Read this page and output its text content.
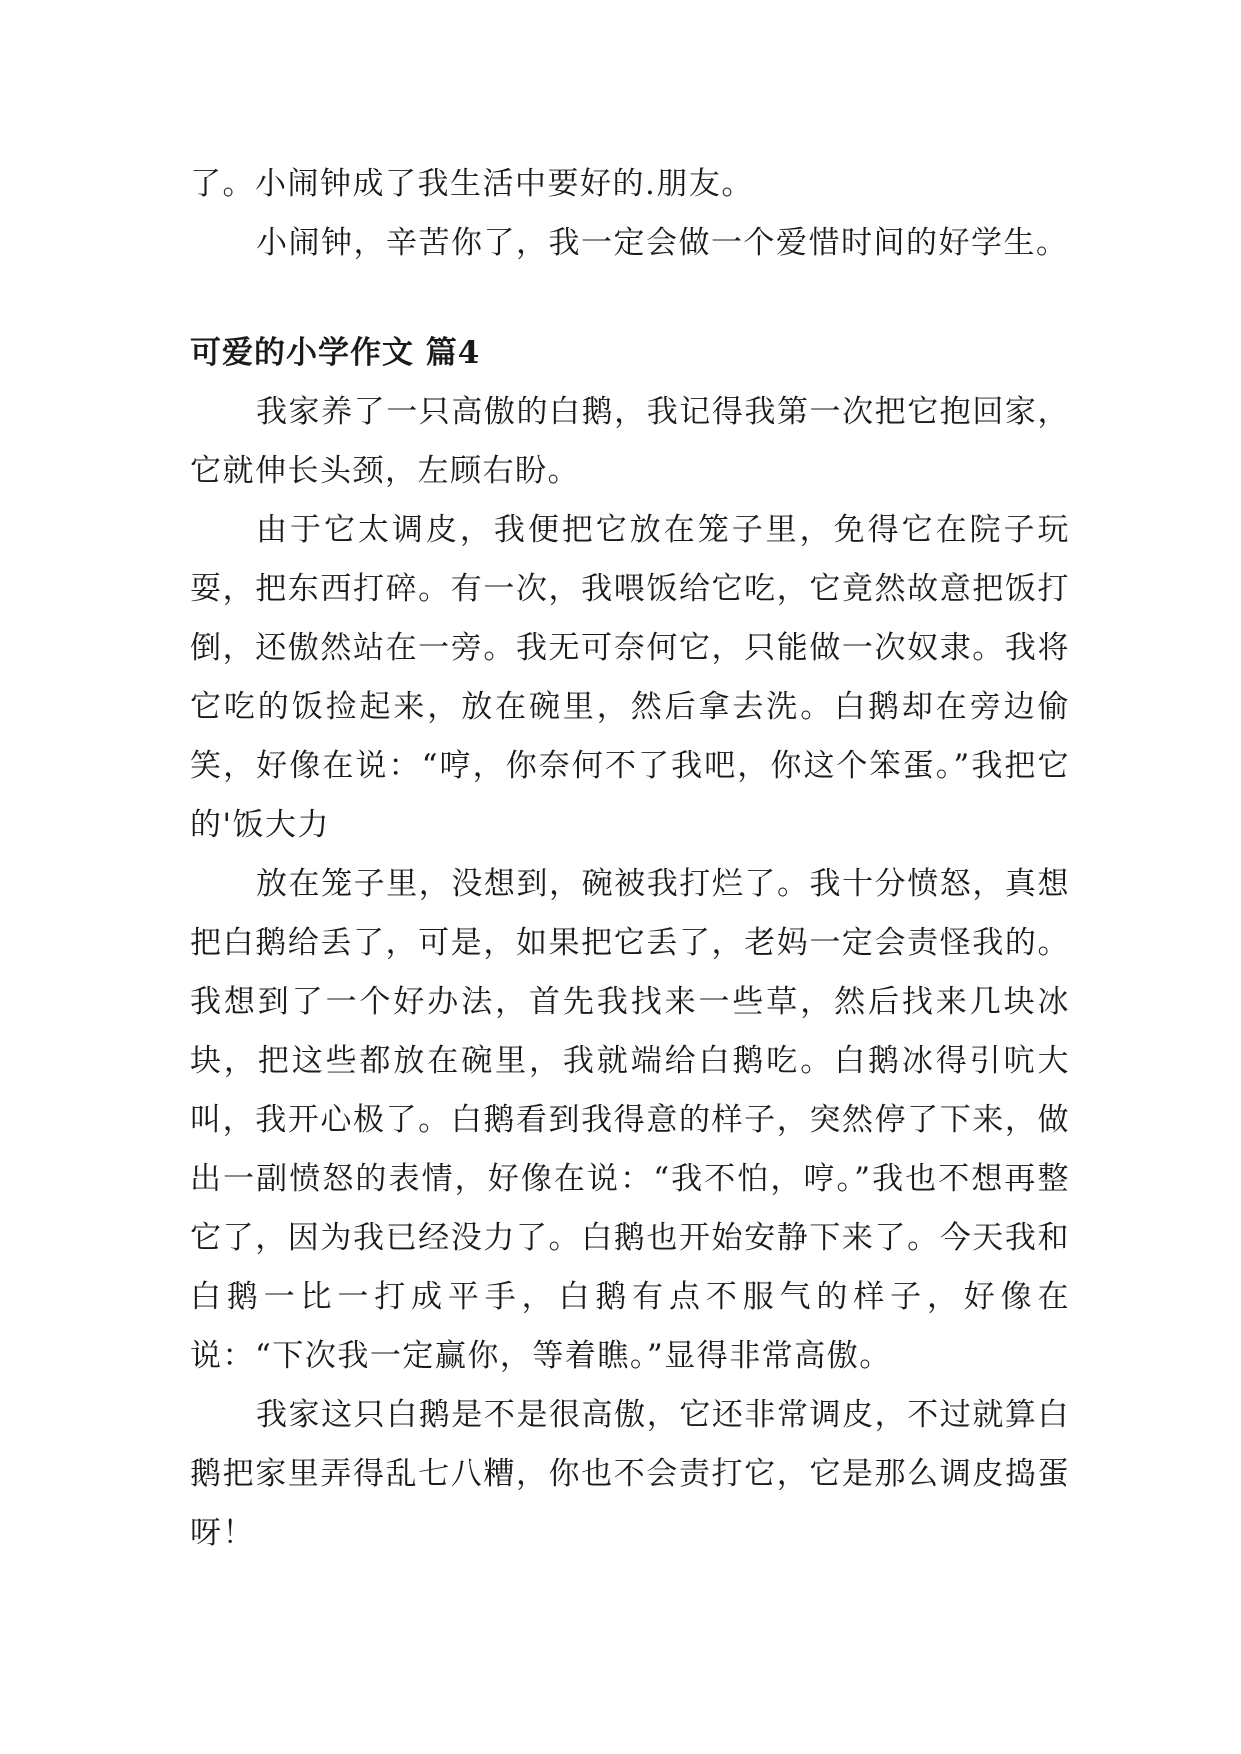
了。小闹钟成了我生活中要好的.朋友。

小闹钟，辛苦你了，我一定会做一个爱惜时间的好学生。

可爱的小学作文 篇4

我家养了一只高傲的白鹅，我记得我第一次把它抱回家，它就伸长头颈，左顾右盼。

由于它太调皮，我便把它放在笼子里，免得它在院子玩耍，把东西打碎。有一次，我喂饭给它吃，它竟然故意把饭打倒，还傲然站在一旁。我无可奈何它，只能做一次奴隶。我将它吃的饭捡起来，放在碗里，然后拿去洗。白鹅却在旁边偷笑，好像在说：“哼，你奈何不了我吧，你这个笨蛋。”我把它的'饭大力

放在笼子里，没想到，碗被我打烂了。我十分愤怒，真想把白鹅给丢了，可是，如果把它丢了，老妈一定会责怪我的。我想到了一个好办法，首先我找来一些草，然后找来几块冰块，把这些都放在碗里，我就端给白鹅吃。白鹅冰得引吭大叫，我开心极了。白鹅看到我得意的样子，突然停了下来，做出一副愤怒的表情，好像在说：“我不怕，哼。”我也不想再整它了，因为我已经没力了。白鹅也开始安静下来了。今天我和白鹅一比一打成平手，白鹅有点不服气的样子，好像在说：“下次我一定赢你，等着瞧。”显得非常高傲。

我家这只白鹅是不是很高傲，它还非常调皮，不过就算白鹅把家里弄得乱七八糟，你也不会责打它，它是那么调皮捣蛋呀！
